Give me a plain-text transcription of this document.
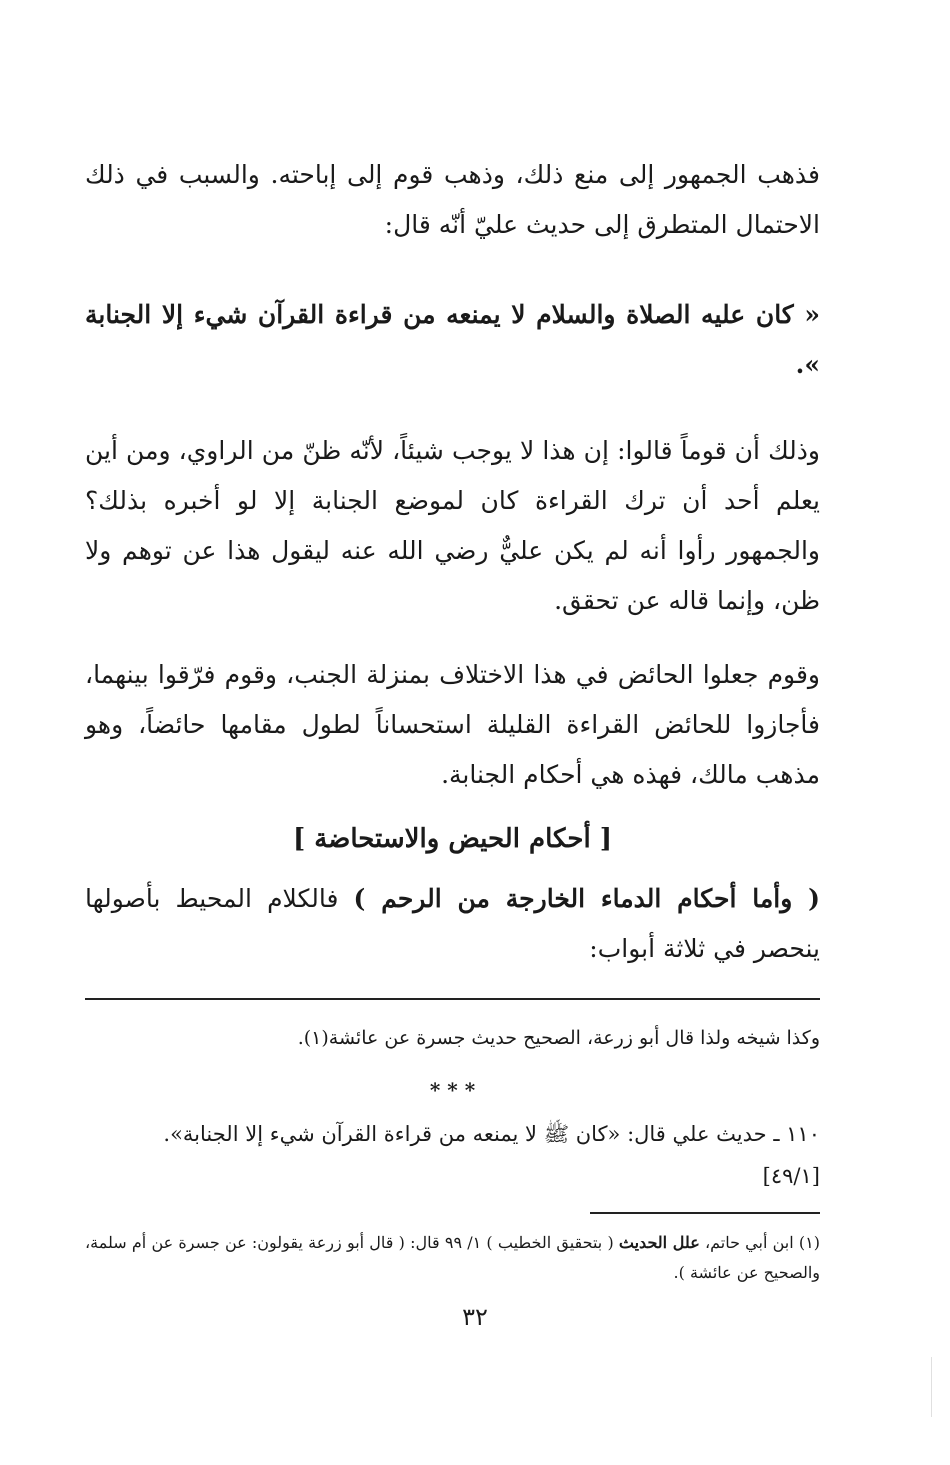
فذهب الجمهور إلى منع ذلك، وذهب قوم إلى إباحته. والسبب في ذلك الاحتمال المتطرق إلى حديث عليّ أنّه قال:

« كان عليه الصلاة والسلام لا يمنعه من قراءة القرآن شيء إلا الجنابة ».

وذلك أن قوماً قالوا: إن هذا لا يوجب شيئاً، لأنّه ظنّ من الراوي، ومن أين يعلم أحد أن ترك القراءة كان لموضع الجنابة إلا لو أخبره بذلك؟ والجمهور رأوا أنه لم يكن عليٌّ رضي الله عنه ليقول هذا عن توهم ولا ظن، وإنما قاله عن تحقق.

وقوم جعلوا الحائض في هذا الاختلاف بمنزلة الجنب، وقوم فرّقوا بينهما، فأجازوا للحائض القراءة القليلة استحساناً لطول مقامها حائضاً، وهو مذهب مالك، فهذه هي أحكام الجنابة.

[ أحكام الحيض والاستحاضة ]

( وأما أحكام الدماء الخارجة من الرحم ) فالكلام المحيط بأصولها ينحصر في ثلاثة أبواب:

وكذا شيخه ولذا قال أبو زرعة، الصحيح حديث جسرة عن عائشة(١).
* * *
١١٠ ـ حديث علي قال: «كان ﷺ لا يمنعه من قراءة القرآن شيء إلا الجنابة».
[٤٩/١]
(١) ابن أبي حاتم، علل الحديث ( بتحقيق الخطيب ) ١/ ٩٩ قال: ( قال أبو زرعة يقولون: عن جسرة عن أم سلمة، والصحيح عن عائشة ).
٣٢
